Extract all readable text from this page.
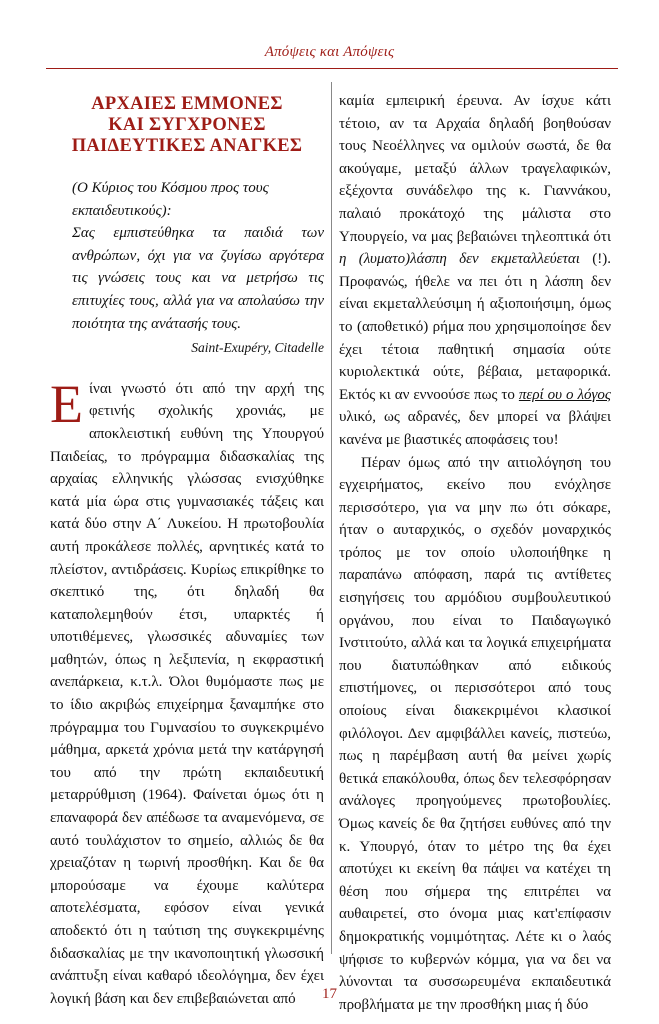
Απόψεις και Απόψεις
ΑΡΧΑΙΕΣ ΕΜΜΟΝΕΣ
ΚΑΙ ΣΥΓΧΡΟΝΕΣ
ΠΑΙΔΕΥΤΙΚΕΣ ΑΝΑΓΚΕΣ

(Ο Κύριος του Κόσμου προς τους εκπαιδευτικούς):

Σας εμπιστεύθηκα τα παιδιά των ανθρώπων, όχι για να ζυγίσω αργότερα τις γνώσεις τους και να μετρήσω τις επιτυχίες τους, αλλά για να απολαύσω την ποιότητα της ανάτασής τους.

Saint-Exupéry, Citadelle

Είναι γνωστό ότι από την αρχή της φετινής σχολικής χρονιάς, με αποκλειστική ευθύνη της Υπουργού Παιδείας, το πρόγραμμα διδασκαλίας της αρχαίας ελληνικής γλώσσας ενισχύθηκε κατά μία ώρα στις γυμνασιακές τάξεις και κατά δύο στην Α΄ Λυκείου. Η πρωτοβουλία αυτή προκάλεσε πολλές, αρνητικές κατά το πλείστον, αντιδράσεις. Κυρίως επικρίθηκε το σκεπτικό της, ότι δηλαδή θα καταπολεμηθούν έτσι, υπαρκτές ή υποτιθέμενες, γλωσσικές αδυναμίες των μαθητών, όπως η λεξιπενία, η εκφραστική ανεπάρκεια, κ.τ.λ. Όλοι θυμόμαστε πως με το ίδιο ακριβώς επιχείρημα ξαναμπήκε στο πρόγραμμα του Γυμνασίου το συγκεκριμένο μάθημα, αρκετά χρόνια μετά την κατάργησή του από την πρώτη εκπαιδευτική μεταρρύθμιση (1964). Φαίνεται όμως ότι η επαναφορά δεν απέδωσε τα αναμενόμενα, σε αυτό τουλάχιστον το σημείο, αλλιώς δε θα χρειαζόταν η τωρινή προσθήκη. Και δε θα μπορούσαμε να έχουμε καλύτερα αποτελέσματα, εφόσον είναι γενικά αποδεκτό ότι η ταύτιση της συγκεκριμένης διδασκαλίας με την ικανοποιητική γλωσσική ανάπτυξη είναι καθαρό ιδεολόγημα, δεν έχει λογική βάση και δεν επιβεβαιώνεται από

καμία εμπειρική έρευνα. Αν ίσχυε κάτι τέτοιο, αν τα Αρχαία δηλαδή βοηθούσαν τους Νεοέλληνες να ομιλούν σωστά, δε θα ακούγαμε, μεταξύ άλλων τραγελαφικών, εξέχοντα συνάδελφο της κ. Γιαννάκου, παλαιό προκάτοχό της μάλιστα στο Υπουργείο, να μας βεβαιώνει τηλεοπτικά ότι η (λυματο)λάσπη δεν εκμεταλλεύεται (!). Προφανώς, ήθελε να πει ότι η λάσπη δεν είναι εκμεταλλεύσιμη ή αξιοποιήσιμη, όμως το (αποθετικό) ρήμα που χρησιμοποίησε δεν έχει τέτοια παθητική σημασία ούτε κυριολεκτικά ούτε, βέβαια, μεταφορικά. Εκτός κι αν εννοούσε πως το περί ου ο λόγος υλικό, ως αδρανές, δεν μπορεί να βλάψει κανένα με βιαστικές αποφάσεις του!

Πέραν όμως από την αιτιολόγηση του εγχειρήματος, εκείνο που ενόχλησε περισσότερο, για να μην πω ότι σόκαρε, ήταν ο αυταρχικός, ο σχεδόν μοναρχικός τρόπος με τον οποίο υλοποιήθηκε η παραπάνω απόφαση, παρά τις αντίθετες εισηγήσεις του αρμόδιου συμβουλευτικού οργάνου, που είναι το Παιδαγωγικό Ινστιτούτο, αλλά και τα λογικά επιχειρήματα που διατυπώθηκαν από ειδικούς επιστήμονες, οι περισσότεροι από τους οποίους είναι διακεκριμένοι κλασικοί φιλόλογοι. Δεν αμφιβάλλει κανείς, πιστεύω, πως η παρέμβαση αυτή θα μείνει χωρίς θετικά επακόλουθα, όπως δεν τελεσφόρησαν ανάλογες προηγούμενες πρωτοβουλίες. Όμως κανείς δε θα ζητήσει ευθύνες από την κ. Υπουργό, όταν το μέτρο της θα έχει αποτύχει κι εκείνη θα πάψει να κατέχει τη θέση που σήμερα της επιτρέπει να αυθαιρετεί, στο όνομα μιας κατ'επίφασιν δημοκρατικής νομιμότητας. Λέτε κι ο λαός ψήφισε το κυβερνών κόμμα, για να δει να λύνονται τα συσσωρευμένα εκπαιδευτικά προβλήματα με την προσθήκη μιας ή δύο

17
